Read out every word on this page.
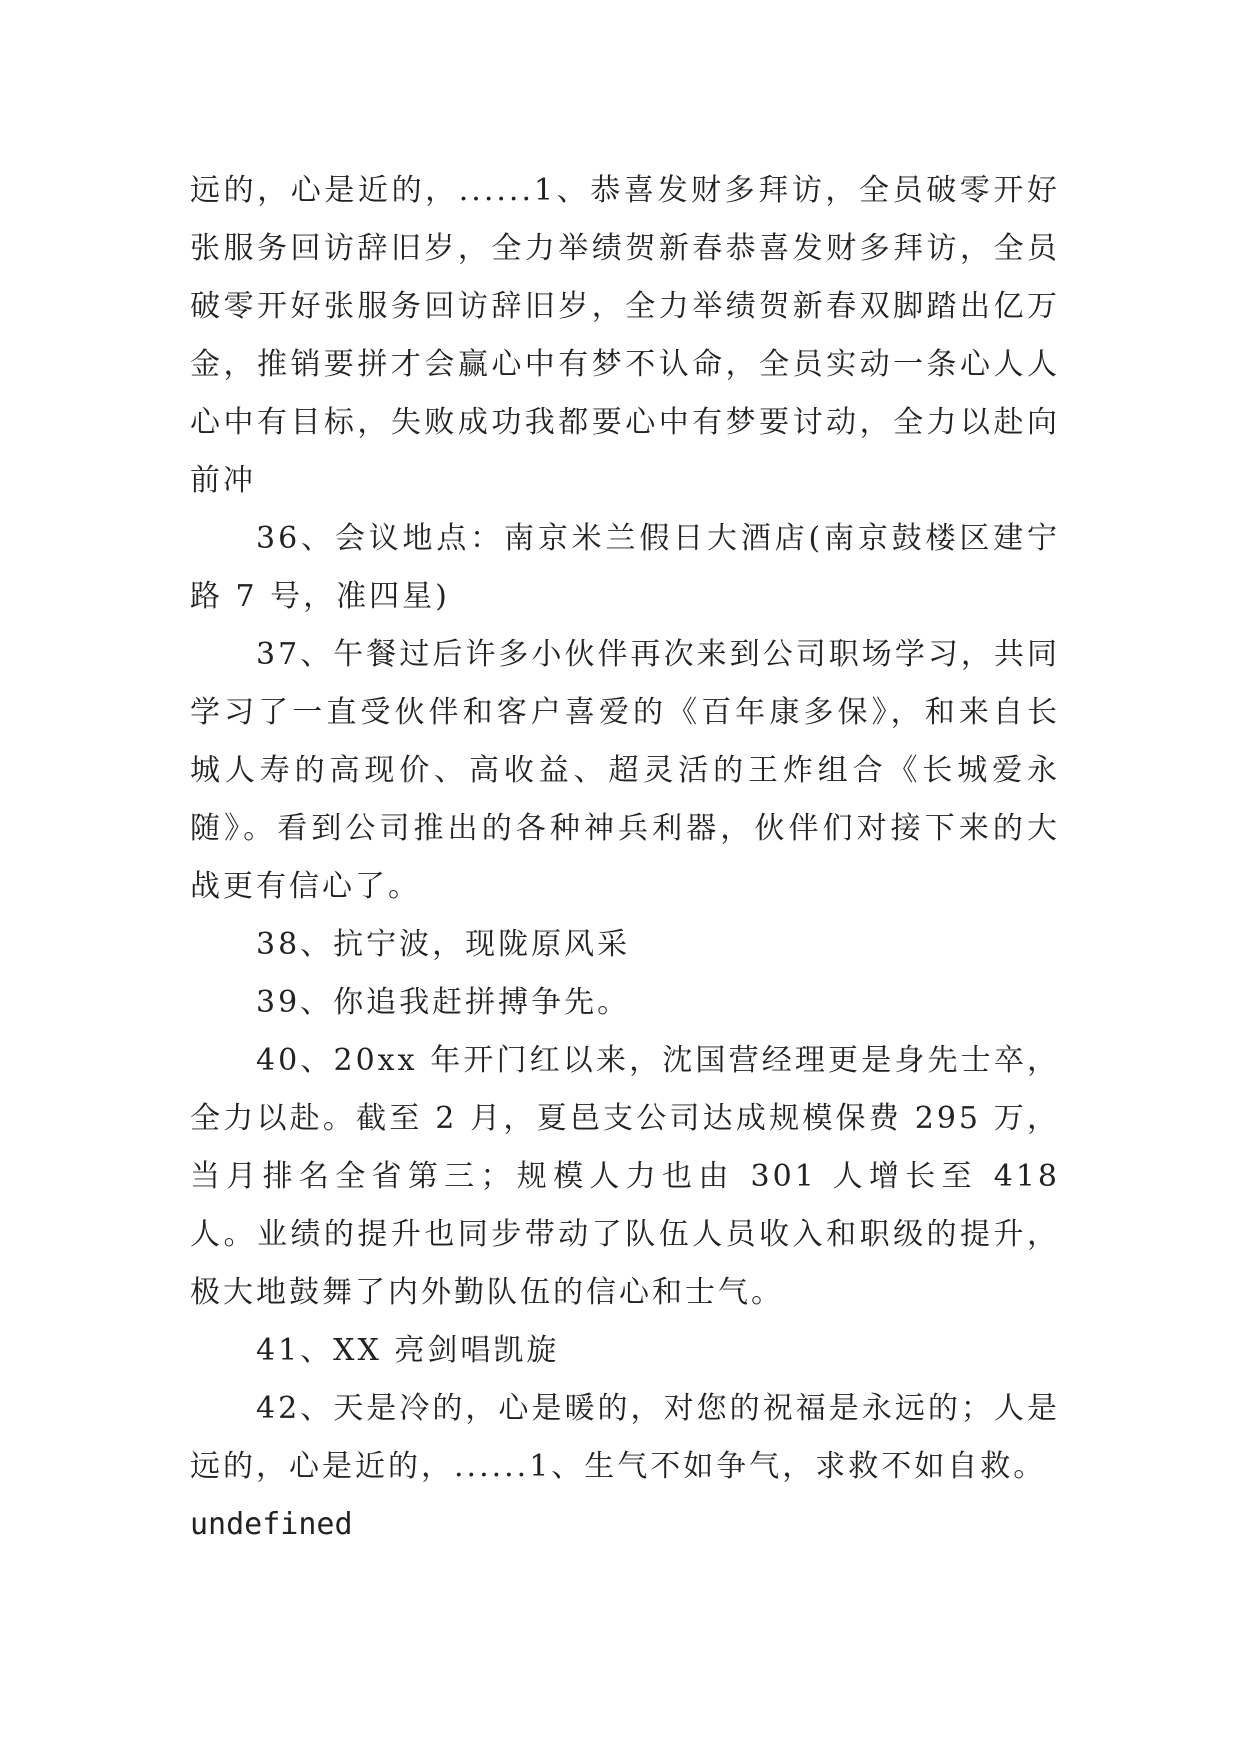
远的，心是近的，......1、恭喜发财多拜访，全员破零开好张服务回访辞旧岁，全力举绩贺新春恭喜发财多拜访，全员破零开好张服务回访辞旧岁，全力举绩贺新春双脚踏出亿万金，推销要拼才会赢心中有梦不认命，全员实动一条心人人心中有目标，失败成功我都要心中有梦要讨动，全力以赴向前冲

36、会议地点：南京米兰假日大酒店(南京鼓楼区建宁路 7 号，准四星)

37、午餐过后许多小伙伴再次来到公司职场学习，共同学习了一直受伙伴和客户喜爱的《百年康多保》，和来自长城人寿的高现价、高收益、超灵活的王炸组合《长城爱永随》。看到公司推出的各种神兵利器，伙伴们对接下来的大战更有信心了。

38、抗宁波，现陇原风采

39、你追我赶拼搏争先。

40、20xx 年开门红以来，沈国营经理更是身先士卒，全力以赴。截至 2 月，夏邑支公司达成规模保费 295 万，当月排名全省第三；规模人力也由 301 人增长至 418 人。业绩的提升也同步带动了队伍人员收入和职级的提升，极大地鼓舞了内外勤队伍的信心和士气。

41、XX 亮剑唱凯旋

42、天是冷的，心是暖的，对您的祝福是永远的；人是远的，心是近的，......1、生气不如争气，求救不如自救。

undefined
